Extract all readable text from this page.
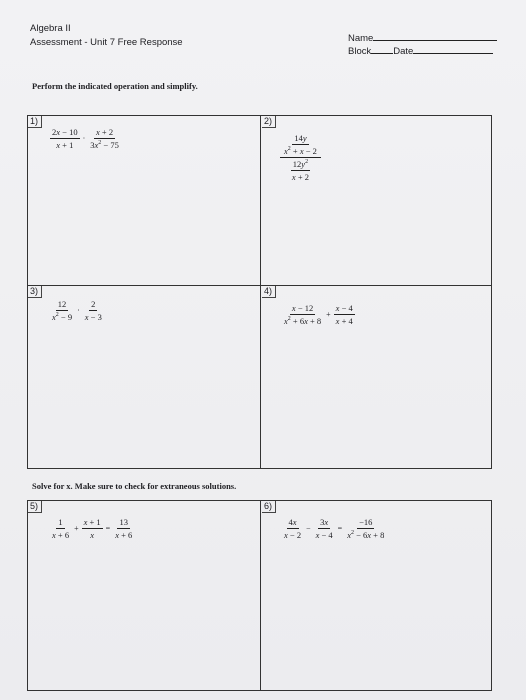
Algebra II
Assessment - Unit 7 Free Response	Name
Block Date
Perform the indicated operation and simplify.
1)
$\frac{2x - 10}{x + 1} \cdot \frac{x + 2}{3x^2 - 75}$
2)
$\frac{\frac{14y}{x^2 + x - 2}}{\frac{12y^2}{x + 2}}$
3)
$\frac{12}{x^2 - 9} \cdot \frac{2}{x - 3}$
4)
$\frac{x - 12}{x^2 + 6x + 8} + \frac{x - 4}{x + 4}$
Solve for x. Make sure to check for extraneous solutions.
5)
$\frac{1}{x + 6} + \frac{x + 1}{x} = \frac{13}{x + 6}$
6)
$\frac{4x}{x - 2} - \frac{3x}{x - 4} = \frac{-16}{x^2 - 6x + 8}$
